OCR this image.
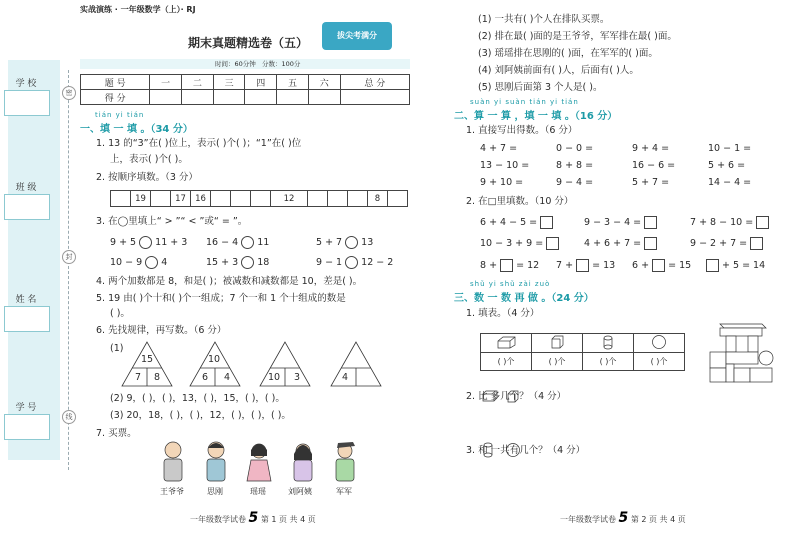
实战演练 · 一年级数学（上）· RJ
学 校
班 级
姓 名
学 号
密
封
线
期末真题精选卷（五）
拔尖考满分
时间：60分钟 分数：100分
题 号	一	二	三	四	五	六	总 分
得 分							
tián yi tián
一、填 一 填 。（34 分）
1. 13 的“3”在( )位上，表示( )个( )；“1”在( )位
上，表示( )个( )。
2. 按顺序填数。（3 分）
	19		17	16				12				8	
3. 在◯里填上“ > ”“ < ”或“ = ”。
9 + 5 11 + 3 16 − 4 11	5 + 7 13
10 − 9 4	15 + 3 18	9 − 1 12 − 2
4. 两个加数都是 8，和是( )；被减数和减数都是 10，差是( )。
5. 19 由( )个十和( )个一组成；7 个一和 1 个十组成的数是
( )。
6. 先找规律，再写数。（6 分）
(1)
15
7 8
10
6 4	10 3	4
(2) 9，( )，( )，13，( )，15，( )，( )。
(3) 20，18，( )，( )，12，( )，( )，( )。
7. 买票。
王爷爷	思刚	瑶瑶	刘阿姨	军军
一年级数学试卷 5 第 1 页 共 4 页
(1) 一共有( )个人在排队买票。
(2) 排在最( )面的是王爷爷，军军排在最( )面。
(3) 瑶瑶排在思刚的( )面，在军军的( )面。
(4) 刘阿姨前面有( )人，后面有( )人。
(5) 思刚后面第 3 个人是( )。
suàn yi suàn tián yi tián
二、算 一 算 ，填 一 填 。（16 分）
1. 直接写出得数。（6 分）
4 + 7 =	0 − 0 =	9 + 4 =	10 − 1 =
13 − 10 =	8 + 8 =	16 − 6 =	5 + 6 =
9 + 10 =	9 − 4 =	5 + 7 =	14 − 4 =
2. 在□里填数。（10 分）
6 + 4 − 5 =	9 − 3 − 4 =	7 + 8 − 10 =
10 − 3 + 9 =	4 + 6 + 7 =	9 − 2 + 7 =
8 + = 12 7 + = 13 6 + = 15	+ 5 = 14
shǔ yi shǔ zài zuò
三、数 一 数 再 做 。（24 分）
1. 填表。（4 分）

( )个	( )个	( )个	( )个
2. 比 多几个？（4 分）
3. 和 一共有几个？（4 分）
一年级数学试卷 5 第 2 页 共 4 页
